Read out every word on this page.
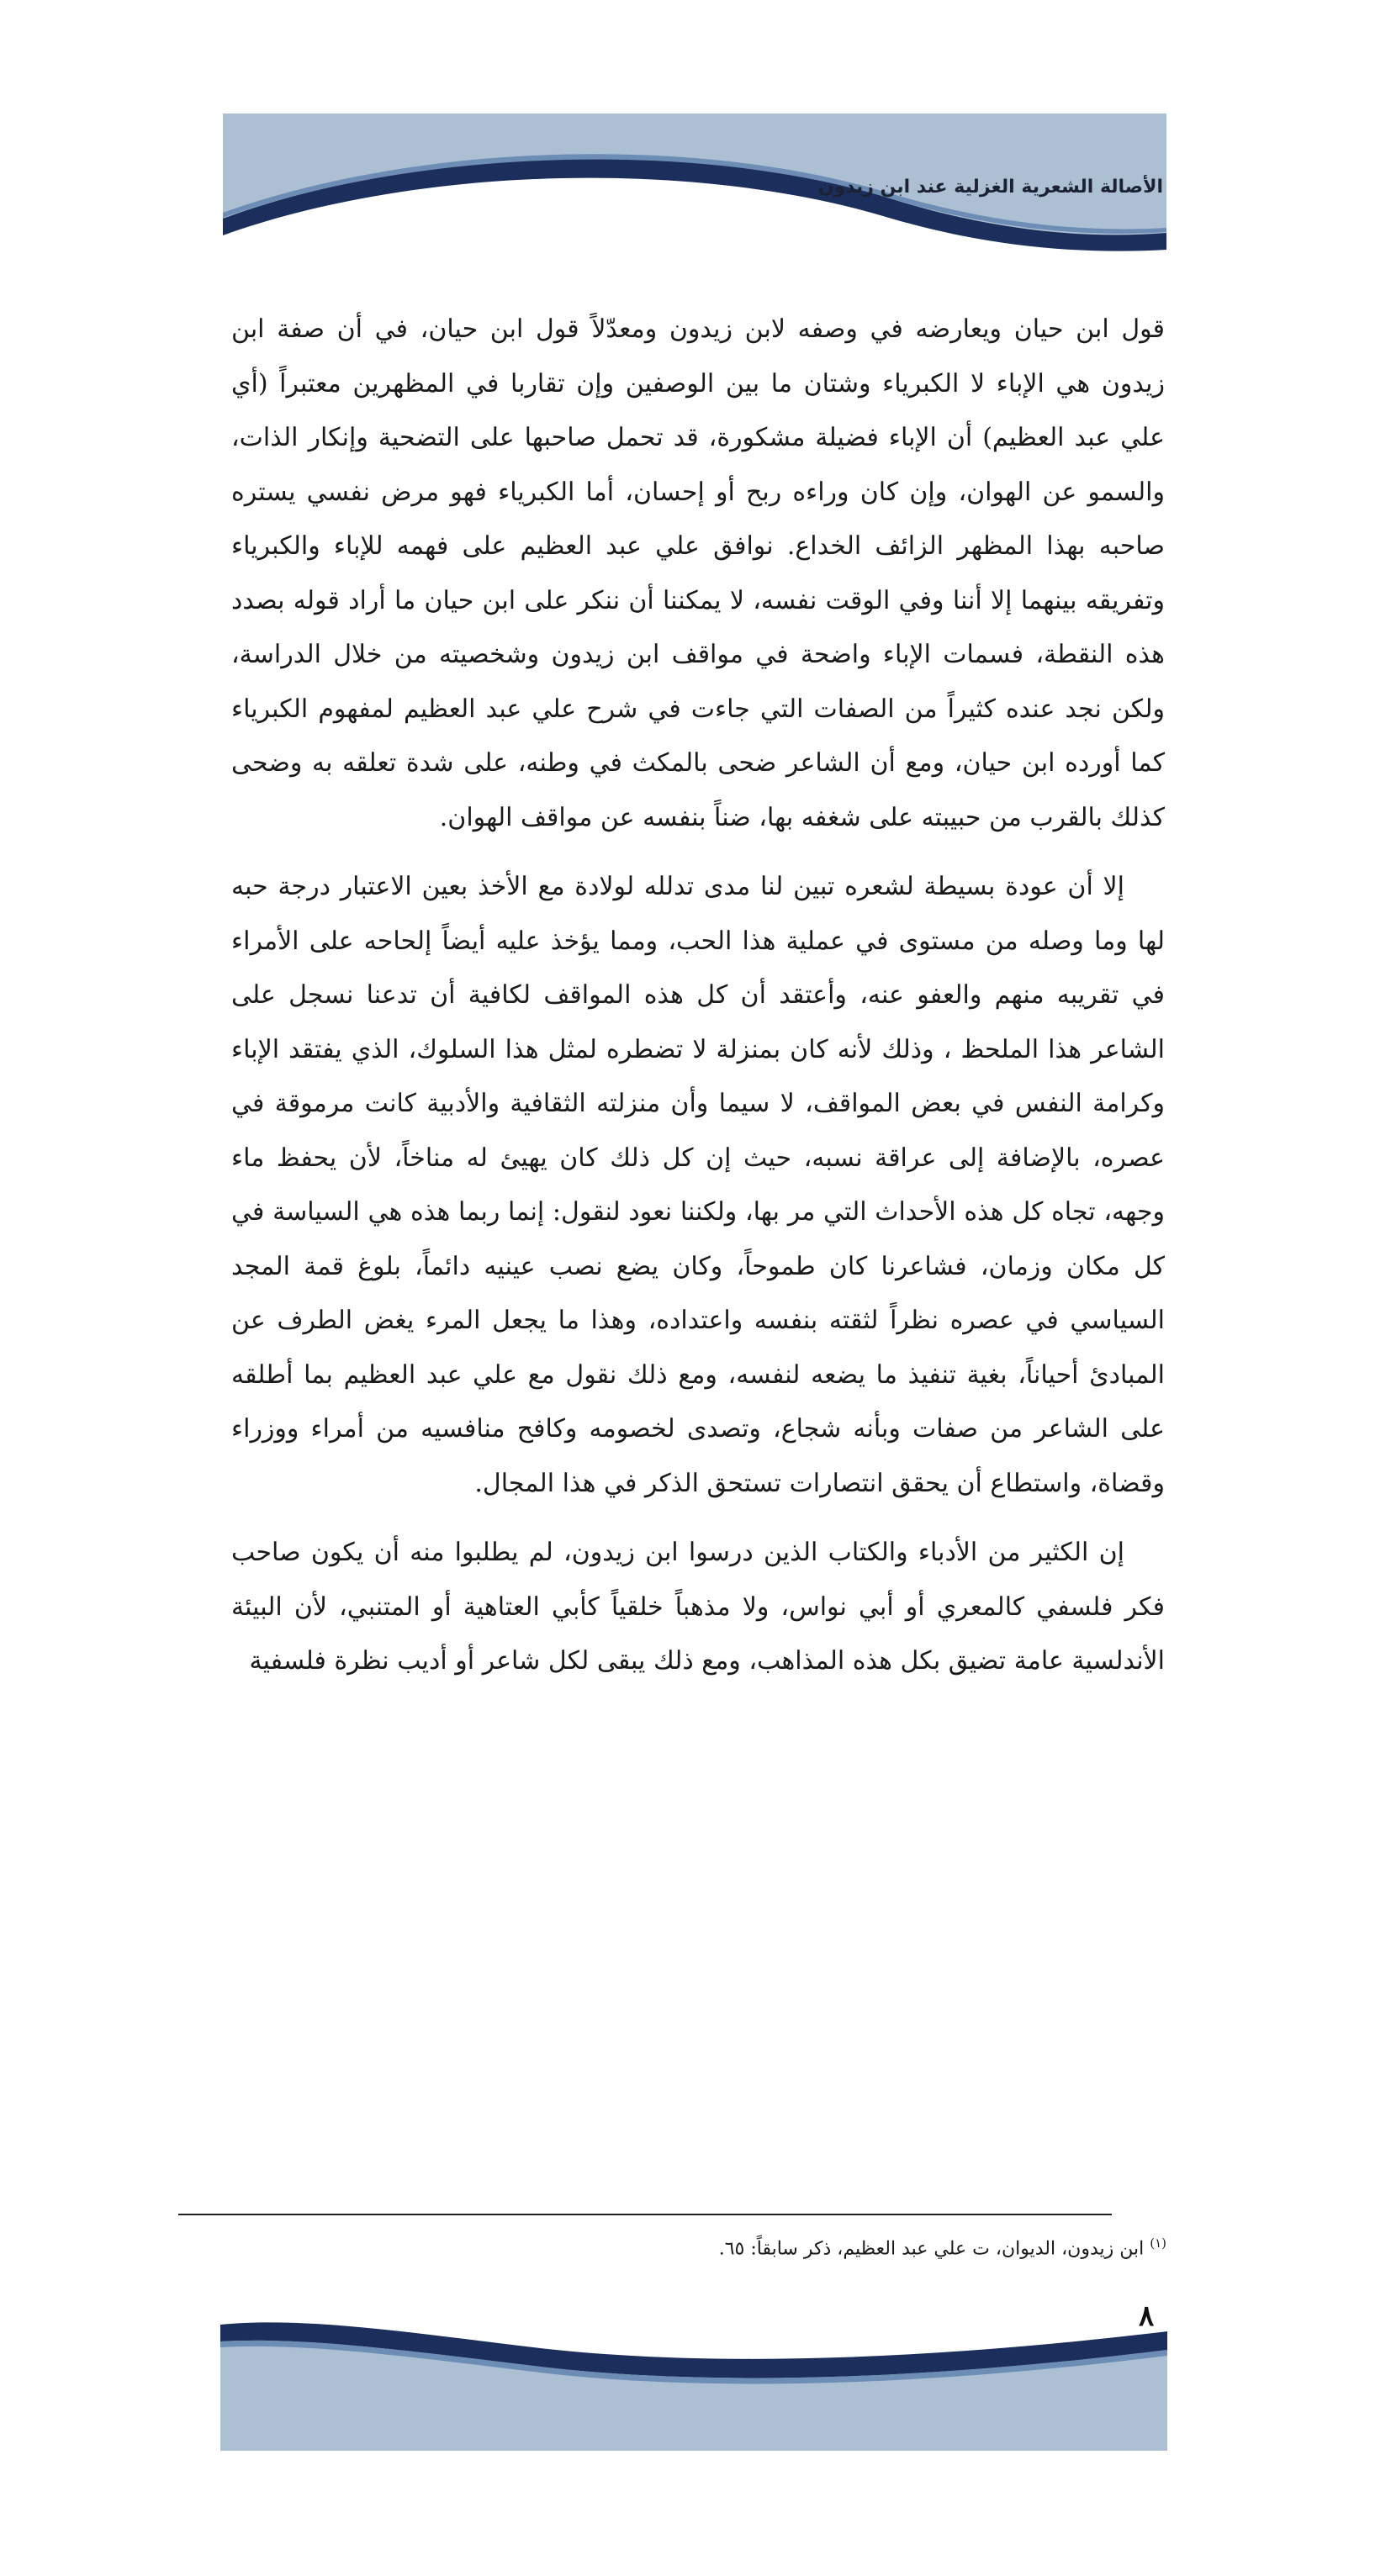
الأصالة الشعرية الغزلية عند ابن زيدون

قول ابن حيان ويعارضه في وصفه لابن زيدون ومعدّلاً قول ابن حيان، في أن صفة ابن زيدون هي الإباء لا الكبرياء وشتان ما بين الوصفين وإن تقاربا في المظهرين معتبراً (أي علي عبد العظيم) أن الإباء فضيلة مشكورة، قد تحمل صاحبها على التضحية وإنكار الذات، والسمو عن الهوان، وإن كان وراءه ربح أو إحسان، أما الكبرياء فهو مرض نفسي يستره صاحبه بهذا المظهر الزائف الخداع. نوافق علي عبد العظيم على فهمه للإباء والكبرياء وتفريقه بينهما إلا أننا وفي الوقت نفسه، لا يمكننا أن ننكر على ابن حيان ما أراد قوله بصدد هذه النقطة، فسمات الإباء واضحة في مواقف ابن زيدون وشخصيته من خلال الدراسة، ولكن نجد عنده كثيراً من الصفات التي جاءت في شرح علي عبد العظيم لمفهوم الكبرياء كما أورده ابن حيان، ومع أن الشاعر ضحى بالمكث في وطنه، على شدة تعلقه به وضحى كذلك بالقرب من حبيبته على شغفه بها، ضناً بنفسه عن مواقف الهوان.

إلا أن عودة بسيطة لشعره تبين لنا مدى تدلله لولادة مع الأخذ بعين الاعتبار درجة حبه لها وما وصله من مستوى في عملية هذا الحب، ومما يؤخذ عليه أيضاً إلحاحه على الأمراء في تقريبه منهم والعفو عنه، وأعتقد أن كل هذه المواقف لكافية أن تدعنا نسجل على الشاعر هذا الملحظ ، وذلك لأنه كان بمنزلة لا تضطره لمثل هذا السلوك، الذي يفتقد الإباء وكرامة النفس في بعض المواقف، لا سيما وأن منزلته الثقافية والأدبية كانت مرموقة في عصره، بالإضافة إلى عراقة نسبه، حيث إن كل ذلك كان يهيئ له مناخاً، لأن يحفظ ماء وجهه، تجاه كل هذه الأحداث التي مر بها، ولكننا نعود لنقول: إنما ربما هذه هي السياسة في كل مكان وزمان، فشاعرنا كان طموحاً، وكان يضع نصب عينيه دائماً، بلوغ قمة المجد السياسي في عصره نظراً لثقته بنفسه واعتداده، وهذا ما يجعل المرء يغض الطرف عن المبادئ أحياناً، بغية تنفيذ ما يضعه لنفسه، ومع ذلك نقول مع علي عبد العظيم بما أطلقه على الشاعر من صفات وبأنه شجاع، وتصدى لخصومه وكافح منافسيه من أمراء ووزراء وقضاة، واستطاع أن يحقق انتصارات تستحق الذكر في هذا المجال.

إن الكثير من الأدباء والكتاب الذين درسوا ابن زيدون، لم يطلبوا منه أن يكون صاحب فكر فلسفي كالمعري أو أبي نواس، ولا مذهباً خلقياً كأبي العتاهية أو المتنبي، لأن البيئة الأندلسية عامة تضيق بكل هذه المذاهب، ومع ذلك يبقى لكل شاعر أو أديب نظرة فلسفية

$^{(١)}$ ابن زيدون، الديوان، ت علي عبد العظيم، ذكر سابقاً: ٦٥.
٨
